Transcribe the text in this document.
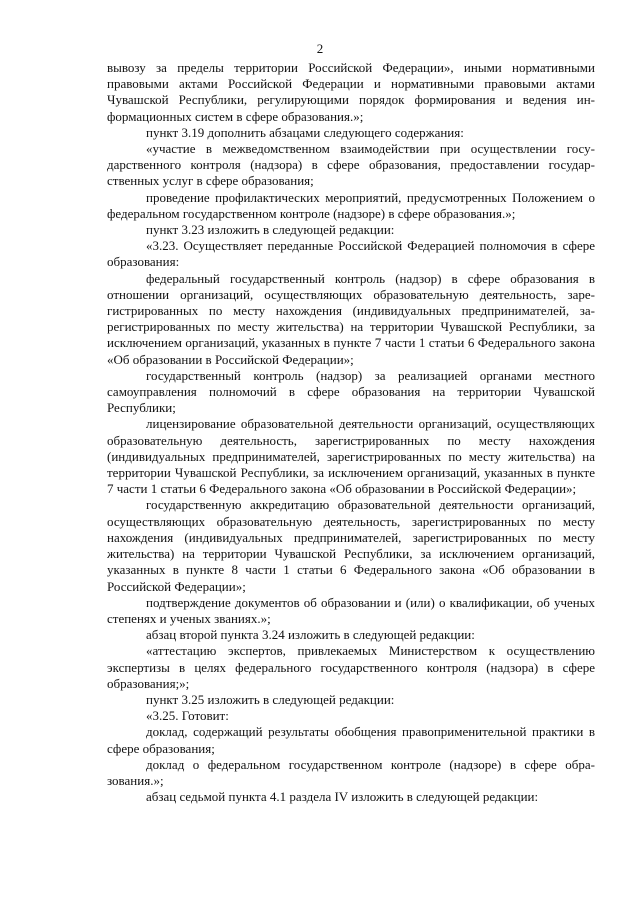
2

вывозу за пределы территории Российской Федерации», иными нормативными правовыми актами Российской Федерации и нормативными правовыми актами Чувашской Республики, регулирующими порядок формирования и ведения информационных систем в сфере образования.»;

пункт 3.19 дополнить абзацами следующего содержания:

«участие в межведомственном взаимодействии при осуществлении государственного контроля (надзора) в сфере образования, предоставлении государственных услуг в сфере образования;

проведение профилактических мероприятий, предусмотренных Положением о федеральном государственном контроле (надзоре) в сфере образования.»;

пункт 3.23 изложить в следующей редакции:

«3.23. Осуществляет переданные Российской Федерацией полномочия в сфере образования:

федеральный государственный контроль (надзор) в сфере образования в отношении организаций, осуществляющих образовательную деятельность, зарегистрированных по месту нахождения (индивидуальных предпринимателей, зарегистрированных по месту жительства) на территории Чувашской Республики, за исключением организаций, указанных в пункте 7 части 1 статьи 6 Федерального закона «Об образовании в Российской Федерации»;

государственный контроль (надзор) за реализацией органами местного самоуправления полномочий в сфере образования на территории Чувашской Республики;

лицензирование образовательной деятельности организаций, осуществляющих образовательную деятельность, зарегистрированных по месту нахождения (индивидуальных предпринимателей, зарегистрированных по месту жительства) на территории Чувашской Республики, за исключением организаций, указанных в пункте 7 части 1 статьи 6 Федерального закона «Об образовании в Российской Федерации»;

государственную аккредитацию образовательной деятельности организаций, осуществляющих образовательную деятельность, зарегистрированных по месту нахождения (индивидуальных предпринимателей, зарегистрированных по месту жительства) на территории Чувашской Республики, за исключением организаций, указанных в пункте 8 части 1 статьи 6 Федерального закона «Об образовании в Российской Федерации»;

подтверждение документов об образовании и (или) о квалификации, об ученых степенях и ученых званиях.»;

абзац второй пункта 3.24 изложить в следующей редакции:

«аттестацию экспертов, привлекаемых Министерством к осуществлению экспертизы в целях федерального государственного контроля (надзора) в сфере образования;»;

пункт 3.25 изложить в следующей редакции:

«3.25. Готовит:

доклад, содержащий результаты обобщения правоприменительной практики в сфере образования;

доклад о федеральном государственном контроле (надзоре) в сфере образования.»;

абзац седьмой пункта 4.1 раздела IV изложить в следующей редакции:
